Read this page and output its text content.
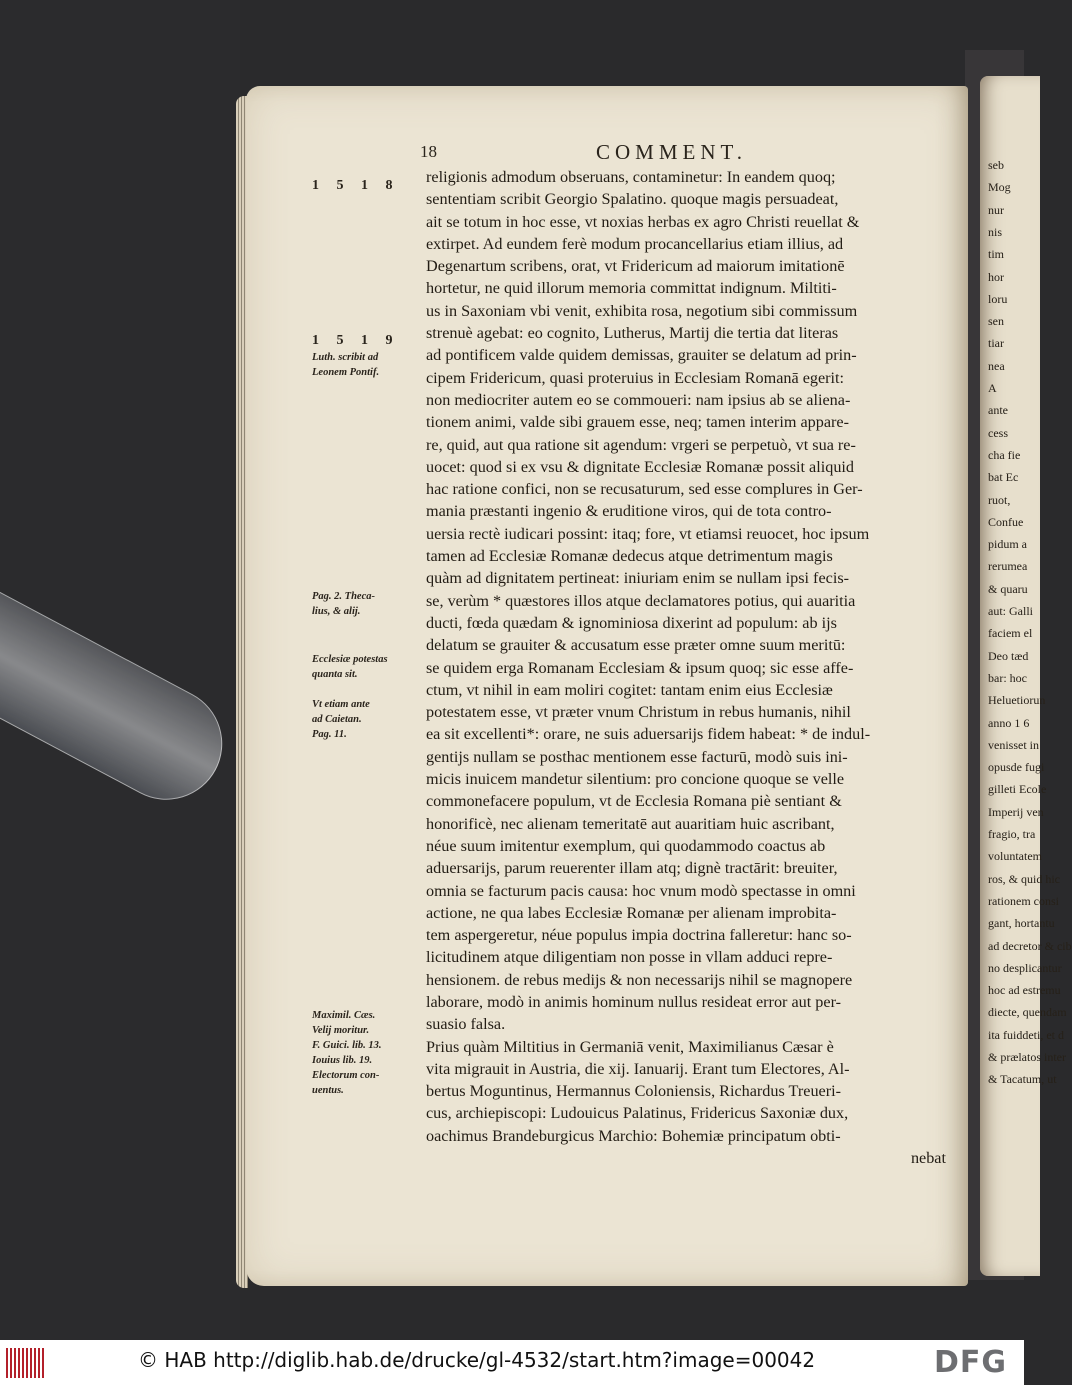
seb
Mog
nur
nis
tim
hor
loru
sen
tiar
nea
A
ante
cess
cha fie
bat Ec
ruot,
Confue
pidum a
rerumea
& quaru
aut: Galli
faciem el
Deo tæd
bar: hoc
Heluetiorun
anno 1 6
venisset in
opusde fugi
gilleti Ecole
Imperij ven
fragio, tra
voluntatem
ros, & quid hic
rationem consi
gant, hortantu
ad decretor & cib
no desplicantur
hoc ad estremu
diecte, quendam
ita fuiddeti, et d
& prælatos inter
& Tacatum, ut
18	COMMENT.
1 5 1 8
1 5 1 9
Luth. scribit ad
Leonem Pontif.
Pag. 2. Theca-
lius, & alij.
Ecclesiæ potestas
quanta sit.
Vt etiam ante
ad Caietan.
Pag. 11.
Maximil. Cæs.
Velij moritur.
F. Guici. lib. 13.
Iouius lib. 19.
Electorum con-
uentus.
religionis admodum obseruans, contaminetur: In eandem quoq;
sententiam scribit Georgio Spalatino. quoque magis persuadeat,
ait se totum in hoc esse, vt noxias herbas ex agro Christi reuellat &
extirpet. Ad eundem ferè modum procancellarius etiam illius, ad
Degenartum scribens, orat, vt Fridericum ad maiorum imitationē
hortetur, ne quid illorum memoria committat indignum. Miltiti-
us in Saxoniam vbi venit, exhibita rosa, negotium sibi commissum
strenuè agebat: eo cognito, Lutherus, Martij die tertia dat literas
ad pontificem valde quidem demissas, grauiter se delatum ad prin-
cipem Fridericum, quasi proteruius in Ecclesiam Romanā egerit:
non mediocriter autem eo se commoueri: nam ipsius ab se aliena-
tionem animi, valde sibi grauem esse, neq; tamen interim appare-
re, quid, aut qua ratione sit agendum: vrgeri se perpetuò, vt sua re-
uocet: quod si ex vsu & dignitate Ecclesiæ Romanæ possit aliquid
hac ratione confici, non se recusaturum, sed esse complures in Ger-
mania præstanti ingenio & eruditione viros, qui de tota contro-
uersia rectè iudicari possint: itaq; fore, vt etiamsi reuocet, hoc ipsum
tamen ad Ecclesiæ Romanæ dedecus atque detrimentum magis
quàm ad dignitatem pertineat: iniuriam enim se nullam ipsi fecis-
se, verùm * quæstores illos atque declamatores potius, qui auaritia
ducti, fœda quædam & ignominiosa dixerint ad populum: ab ijs
delatum se grauiter & accusatum esse præter omne suum meritū:
se quidem erga Romanam Ecclesiam & ipsum quoq; sic esse affe-
ctum, vt nihil in eam moliri cogitet: tantam enim eius Ecclesiæ
potestatem esse, vt præter vnum Christum in rebus humanis, nihil
ea sit excellenti*: orare, ne suis aduersarijs fidem habeat: * de indul-
gentijs nullam se posthac mentionem esse facturū, modò suis ini-
micis inuicem mandetur silentium: pro concione quoque se velle
commonefacere populum, vt de Ecclesia Romana piè sentiant &
honorificè, nec alienam temeritatē aut auaritiam huic ascribant,
néue suum imitentur exemplum, qui quodammodo coactus ab
aduersarijs, parum reuerenter illam atq; dignè tractārit: breuiter,
omnia se facturum pacis causa: hoc vnum modò spectasse in omni
actione, ne qua labes Ecclesiæ Romanæ per alienam improbita-
tem aspergeretur, néue populus impia doctrina falleretur: hanc so-
licitudinem atque diligentiam non posse in vllam adduci repre-
hensionem. de rebus medijs & non necessarijs nihil se magnopere
laborare, modò in animis hominum nullus resideat error aut per-
suasio falsa.
Prius quàm Miltitius in Germaniā venit, Maximilianus Cæsar è
vita migrauit in Austria, die xij. Ianuarij. Erant tum Electores, Al-
bertus Moguntinus, Hermannus Coloniensis, Richardus Treueri-
cus, archiepiscopi: Ludouicus Palatinus, Fridericus Saxoniæ dux,
oachimus Brandeburgicus Marchio: Bohemiæ principatum obti-
nebat
© HAB http://diglib.hab.de/drucke/gl-4532/start.htm?image=00042	DFG
